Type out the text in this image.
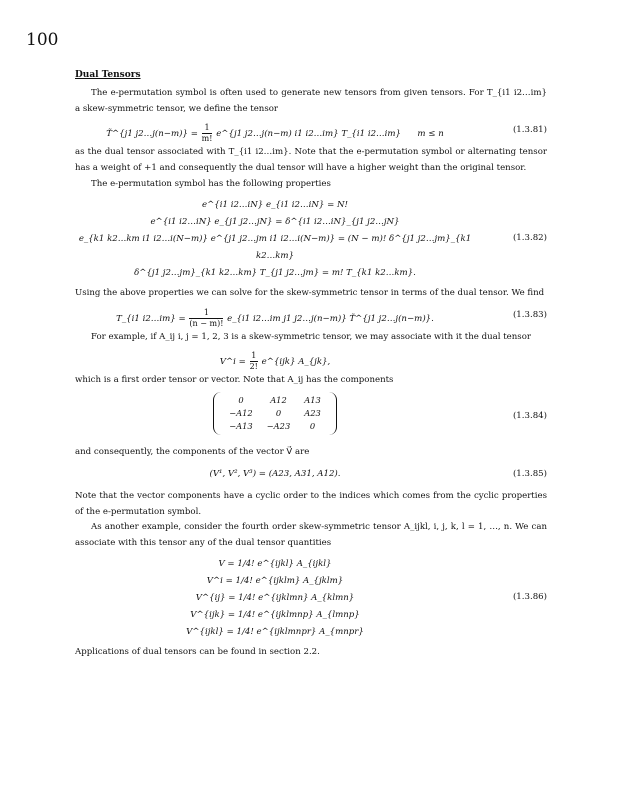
100
Dual Tensors

The e-permutation symbol is often used to generate new tensors from given tensors. For T_{i1 i2…im} a skew-symmetric tensor, we define the tensor

T̃^{j1 j2…j(n−m)} = $\frac{1}{m!}$ e^{j1 j2…j(n−m) i1 i2…im} T_{i1 i2…im} m ≤ n	(1.3.81)

as the dual tensor associated with T_{i1 i2…im}. Note that the e-permutation symbol or alternating tensor has a weight of +1 and consequently the dual tensor will have a higher weight than the original tensor.

The e-permutation symbol has the following properties

e^{i1 i2…iN} e_{i1 i2…iN} = N!
e^{i1 i2…iN} e_{j1 j2…jN} = δ^{i1 i2…iN}_{j1 j2…jN}
e_{k1 k2…km i1 i2…i(N−m)} e^{j1 j2…jm i1 i2…i(N−m)} = (N − m)! δ^{j1 j2…jm}_{k1 k2…km}
δ^{j1 j2…jm}_{k1 k2…km} T_{j1 j2…jm} = m! T_{k1 k2…km}.
(1.3.82)

Using the above properties we can solve for the skew-symmetric tensor in terms of the dual tensor. We find

T_{i1 i2…im} = $\frac{1}{(n - m)!}$ e_{i1 i2…im j1 j2…j(n−m)} T̃^{j1 j2…j(n−m)}.	(1.3.83)

For example, if A_ij i, j = 1, 2, 3 is a skew-symmetric tensor, we may associate with it the dual tensor

V^i = $\frac{1}{2!}$ e^{ijk} A_{jk},

which is a first order tensor or vector. Note that A_ij has the components

0	A12	A13
−A12	0	A23
−A13	−A23	0
(1.3.84)

and consequently, the components of the vector V⃗ are

(V¹, V², V³) = (A23, A31, A12).	(1.3.85)

Note that the vector components have a cyclic order to the indices which comes from the cyclic properties of the e-permutation symbol.

As another example, consider the fourth order skew-symmetric tensor A_ijkl, i, j, k, l = 1, …, n. We can associate with this tensor any of the dual tensor quantities

V = 1/4! e^{ijkl} A_{ijkl}
V^i = 1/4! e^{ijklm} A_{jklm}
V^{ij} = 1/4! e^{ijklmn} A_{klmn}
V^{ijk} = 1/4! e^{ijklmnp} A_{lmnp}
V^{ijkl} = 1/4! e^{ijklmnpr} A_{mnpr}
(1.3.86)

Applications of dual tensors can be found in section 2.2.
